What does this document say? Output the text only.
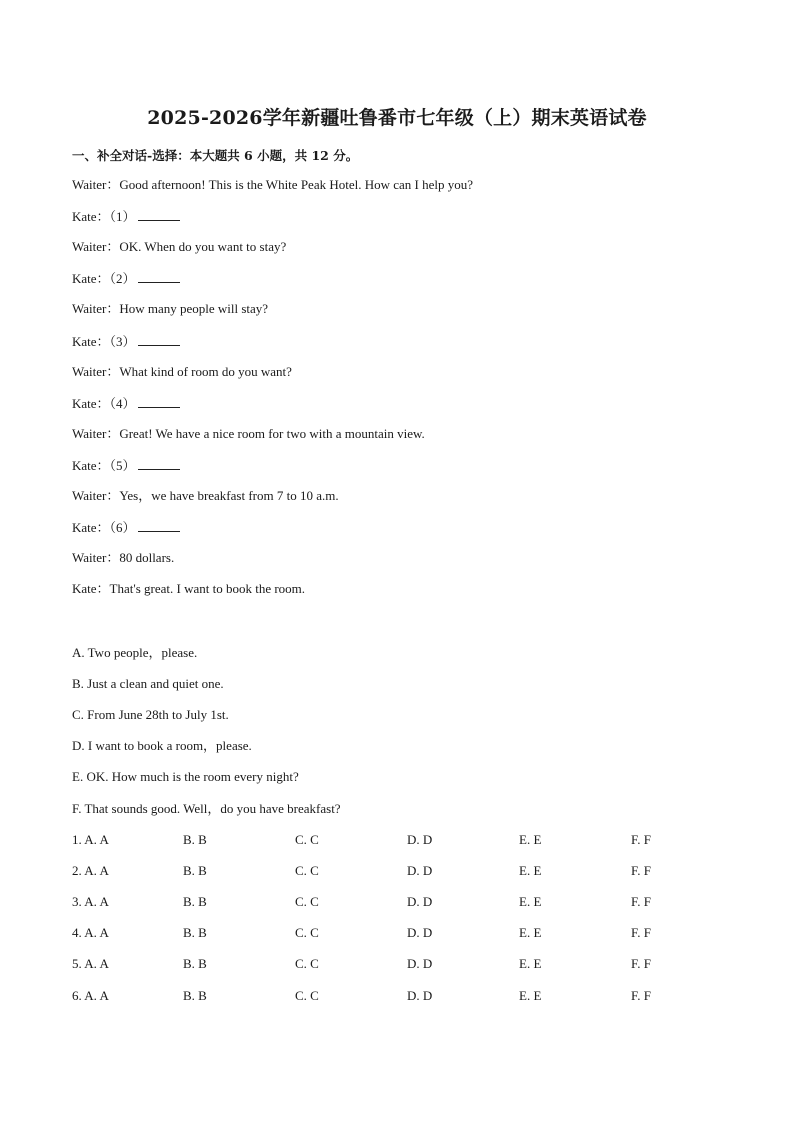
2025-2026学年新疆吐鲁番市七年级（上）期末英语试卷
一、补全对话-选择：本大题共 6 小题，共 12 分。
Waiter：Good afternoon! This is the White Peak Hotel. How can I help you?
Kate：（1）
Waiter：OK. When do you want to stay?
Kate：（2）
Waiter：How many people will stay?
Kate：（3）
Waiter：What kind of room do you want?
Kate：（4）
Waiter：Great! We have a nice room for two with a mountain view.
Kate：（5）
Waiter：Yes，we have breakfast from 7 to 10 a.m.
Kate：（6）
Waiter：80 dollars.
Kate：That's great. I want to book the room.
A. Two people，please.
B. Just a clean and quiet one.
C. From June 28th to July 1st.
D. I want to book a room，please.
E. OK. How much is the room every night?
F. That sounds good. Well，do you have breakfast?
1. A. A	B. B	C. C	D. D	E. E	F. F
2. A. A	B. B	C. C	D. D	E. E	F. F
3. A. A	B. B	C. C	D. D	E. E	F. F
4. A. A	B. B	C. C	D. D	E. E	F. F
5. A. A	B. B	C. C	D. D	E. E	F. F
6. A. A	B. B	C. C	D. D	E. E	F. F
